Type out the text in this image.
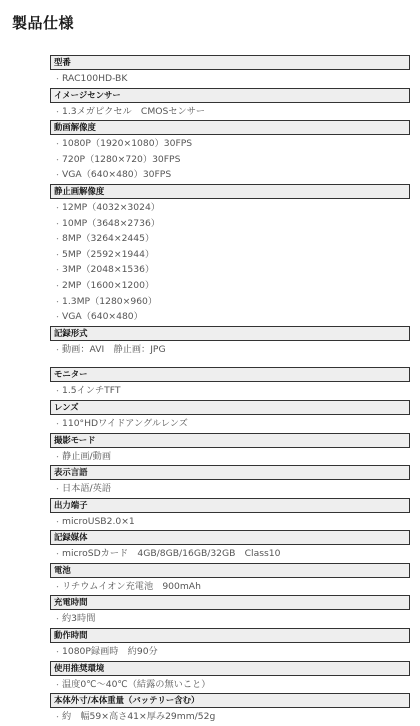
製品仕様
型番
・ RAC100HD-BK
イメージセンサー
・ 1.3メガピクセル　CMOSセンサー
動画解像度
・ 1080P（1920×1080）30FPS
・ 720P（1280×720）30FPS
・ VGA（640×480）30FPS
静止画解像度
・ 12MP（4032×3024）
・ 10MP（3648×2736）
・ 8MP（3264×2445）
・ 5MP（2592×1944）
・ 3MP（2048×1536）
・ 2MP（1600×1200）
・ 1.3MP（1280×960）
・ VGA（640×480）
記録形式
・ 動画：AVI　静止画：JPG
モニター
・ 1.5インチTFT
レンズ
・ 110°HDワイドアングルレンズ
撮影モード
・ 静止画/動画
表示言語
・ 日本語/英語
出力端子
・ microUSB2.0×1
記録媒体
・ microSDカード　4GB/8GB/16GB/32GB　Class10
電池
・ リチウムイオン充電池　900mAh
充電時間
・ 約3時間
動作時間
・ 1080P録画時　約90分
使用推奨環境
・ 温度0℃〜40℃（結露の無いこと）
本体外寸/本体重量（バッテリー含む）
・ 約　幅59×高さ41×厚み29mm/52g
